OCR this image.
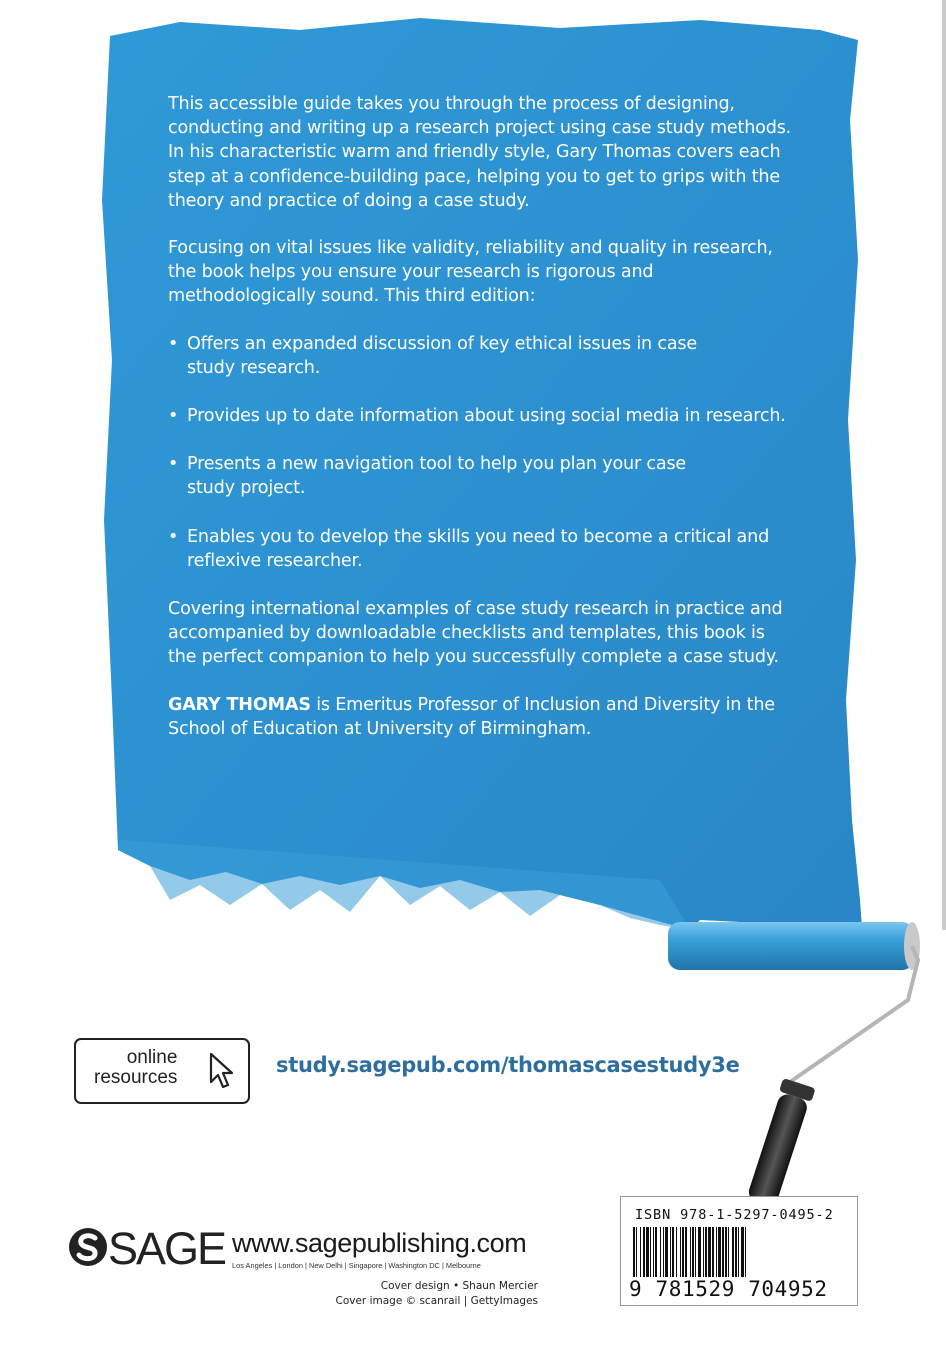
This accessible guide takes you through the process of designing, conducting and writing up a research project using case study methods. In his characteristic warm and friendly style, Gary Thomas covers each step at a confidence-building pace, helping you to get to grips with the theory and practice of doing a case study.

Focusing on vital issues like validity, reliability and quality in research, the book helps you ensure your research is rigorous and methodologically sound. This third edition:

• Offers an expanded discussion of key ethical issues in case study research.
• Provides up to date information about using social media in research.
• Presents a new navigation tool to help you plan your case study project.
• Enables you to develop the skills you need to become a critical and reflexive researcher.

Covering international examples of case study research in practice and accompanied by downloadable checklists and templates, this book is the perfect companion to help you successfully complete a case study.

GARY THOMAS is Emeritus Professor of Inclusion and Diversity in the School of Education at University of Birmingham.

online
resources
study.sagepub.com/thomascasestudy3e
SAGE www.sagepublishing.com
Los Angeles | London | New Delhi | Singapore | Washington DC | Melbourne
Cover design • Shaun Mercier
Cover image © scanrail | GettyImages
ISBN 978-1-5297-0495-2
9 781529 704952
